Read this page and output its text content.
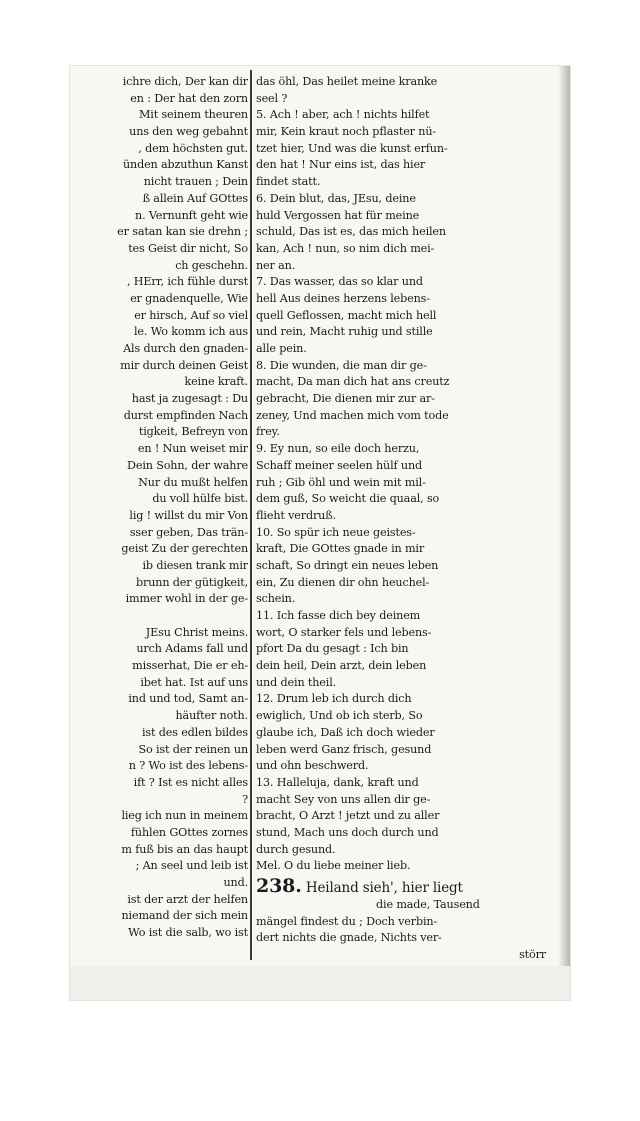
ichre dich, Der kan dir
en : Der hat den zorn
Mit seinem theuren
uns den weg gebahnt
, dem höchsten gut.
ünden abzuthun Kanst
nicht trauen ; Dein
ß allein Auf GOttes
n. Vernunft geht wie
er satan kan sie drehn ;
tes Geist dir nicht, So
ch geschehn.
, HErr, ich fühle durst
er gnadenquelle, Wie
er hirsch, Auf so viel
le. Wo komm ich aus
Als durch den gnaden-
mir durch deinen Geist
keine kraft.
hast ja zugesagt : Du
durst empfinden Nach
tigkeit, Befreyn von
en ! Nun weiset mir
Dein Sohn, der wahre
Nur du mußt helfen
du voll hülfe bist.
lig ! willst du mir Von
sser geben, Das trän-
geist Zu der gerechten
ib diesen trank mir
brunn der gütigkeit,
immer wohl in der ge-
JEsu Christ meins.
urch Adams fall und
misserhat, Die er eh-
ibet hat. Ist auf uns
ind und tod, Samt an-
häufter noth.
ist des edlen bildes
So ist der reinen un
n ? Wo ist des lebens-
ift ? Ist es nicht alles
?
lieg ich nun in meinem
fühlen GOttes zornes
m fuß bis an das haupt
; An seel und leib ist
und.
ist der arzt der helfen
niemand der sich mein
Wo ist die salb, wo ist
das öhl, Das heilet meine kranke
seel ?
5. Ach ! aber, ach ! nichts hilfet
mir, Kein kraut noch pflaster nü-
tzet hier, Und was die kunst erfun-
den hat ! Nur eins ist, das hier
findet statt.
6. Dein blut, das, JEsu, deine
huld Vergossen hat für meine
schuld, Das ist es, das mich heilen
kan, Ach ! nun, so nim dich mei-
ner an.
7. Das wasser, das so klar und
hell Aus deines herzens lebens-
quell Geflossen, macht mich hell
und rein, Macht ruhig und stille
alle pein.
8. Die wunden, die man dir ge-
macht, Da man dich hat ans creutz
gebracht, Die dienen mir zur ar-
zeney, Und machen mich vom tode
frey.
9. Ey nun, so eile doch herzu,
Schaff meiner seelen hülf und
ruh ; Gib öhl und wein mit mil-
dem guß, So weicht die quaal, so
flieht verdruß.
10. So spür ich neue geistes-
kraft, Die GOttes gnade in mir
schaft, So dringt ein neues leben
ein, Zu dienen dir ohn heuchel-
schein.
11. Ich fasse dich bey deinem
wort, O starker fels und lebens-
pfort Da du gesagt : Ich bin
dein heil, Dein arzt, dein leben
und dein theil.
12. Drum leb ich durch dich
ewiglich, Und ob ich sterb, So
glaube ich, Daß ich doch wieder
leben werd Ganz frisch, gesund
und ohn beschwerd.
13. Halleluja, dank, kraft und
macht Sey von uns allen dir ge-
bracht, O Arzt ! jetzt und zu aller
stund, Mach uns doch durch und
durch gesund.
Mel. O du liebe meiner lieb.
238. Heiland sieh', hier liegt
die made, Tausend
mängel findest du ; Doch verbin-
dert nichts die gnade, Nichts ver-
störr
